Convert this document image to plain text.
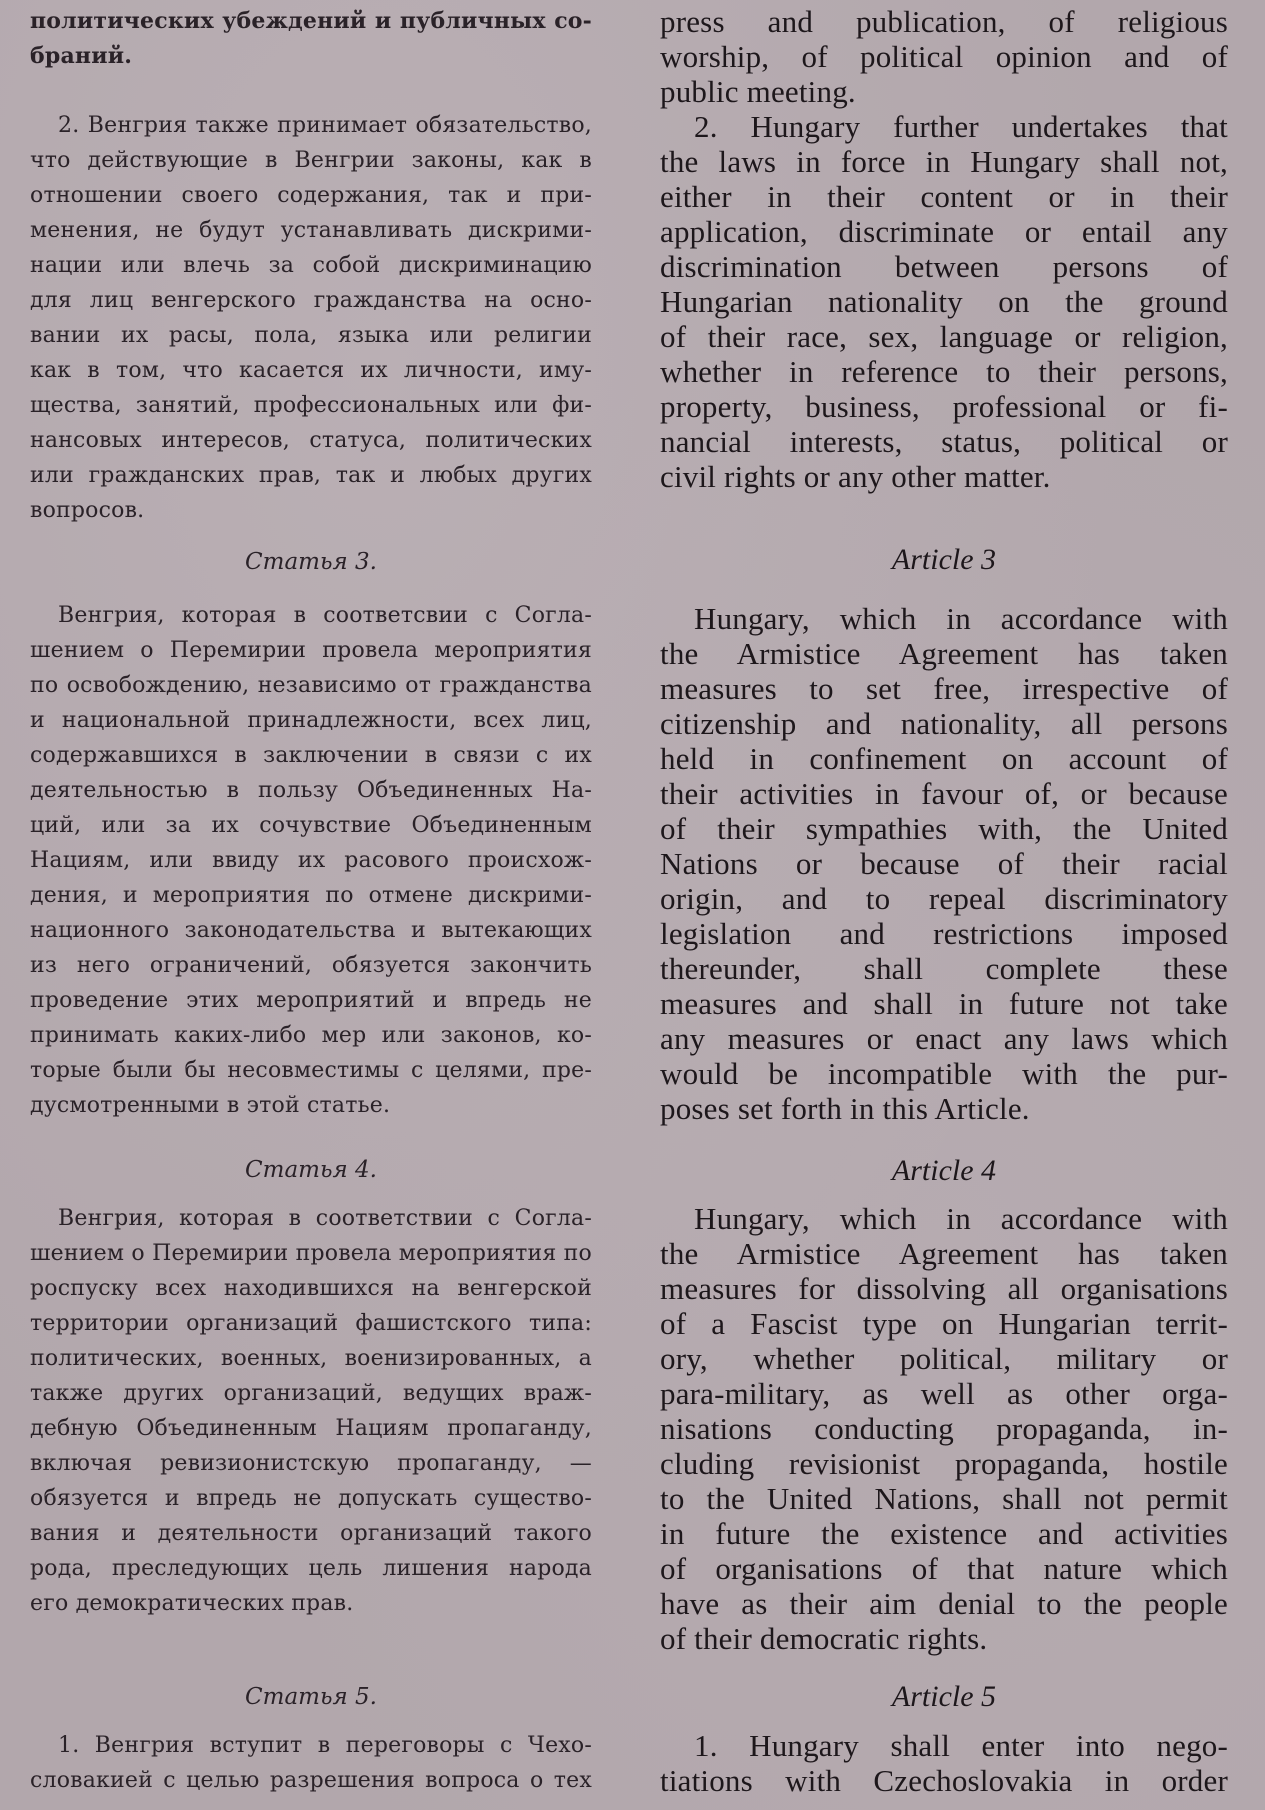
политических убеждений и публичных со-
браний.
2. Венгрия также принимает обязательство,
что действующие в Венгрии законы, как в
отношении своего содержания, так и при-
менения, не будут устанавливать дискрими-
нации или влечь за собой дискриминацию
для лиц венгерского гражданства на осно-
вании их расы, пола, языка или религии
как в том, что касается их личности, иму-
щества, занятий, профессиональных или фи-
нансовых интересов, статуса, политических
или гражданских прав, так и любых других
вопросов.
Статья 3.
Венгрия, которая в соответсвии с Согла-
шением о Перемирии провела мероприятия
по освобождению, независимо от гражданства
и национальной принадлежности, всех лиц,
содержавшихся в заключении в связи с их
деятельностью в пользу Объединенных На-
ций, или за их сочувствие Объединенным
Нациям, или ввиду их расового происхож-
дения, и мероприятия по отмене дискрими-
национного законодательства и вытекающих
из него ограничений, обязуется закончить
проведение этих мероприятий и впредь не
принимать каких-либо мер или законов, ко-
торые были бы несовместимы с целями, пре-
дусмотренными в этой статье.
Статья 4.
Венгрия, которая в соответствии с Согла-
шением о Перемирии провела мероприятия по
роспуску всех находившихся на венгерской
территории организаций фашистского типа:
политических, военных, военизированных, а
также других организаций, ведущих враж-
дебную Объединенным Нациям пропаганду,
включая ревизионистскую пропаганду, —
обязуется и впредь не допускать существо-
вания и деятельности организаций такого
рода, преследующих цель лишения народа
его демократических прав.
Статья 5.
1. Венгрия вступит в переговоры с Чехо-
словакией с целью разрешения вопроса о тех
press and publication, of religious
worship, of political opinion and of
public meeting.
2. Hungary further undertakes that
the laws in force in Hungary shall not,
either in their content or in their
application, discriminate or entail any
discrimination between persons of
Hungarian nationality on the ground
of their race, sex, language or religion,
whether in reference to their persons,
property, business, professional or fi-
nancial interests, status, political or
civil rights or any other matter.
Article 3
Hungary, which in accordance with
the Armistice Agreement has taken
measures to set free, irrespective of
citizenship and nationality, all persons
held in confinement on account of
their activities in favour of, or because
of their sympathies with, the United
Nations or because of their racial
origin, and to repeal discriminatory
legislation and restrictions imposed
thereunder, shall complete these
measures and shall in future not take
any measures or enact any laws which
would be incompatible with the pur-
poses set forth in this Article.
Article 4
Hungary, which in accordance with
the Armistice Agreement has taken
measures for dissolving all organisations
of a Fascist type on Hungarian territ-
ory, whether political, military or
para-military, as well as other orga-
nisations conducting propaganda, in-
cluding revisionist propaganda, hostile
to the United Nations, shall not permit
in future the existence and activities
of organisations of that nature which
have as their aim denial to the people
of their democratic rights.
Article 5
1. Hungary shall enter into nego-
tiations with Czechoslovakia in order
